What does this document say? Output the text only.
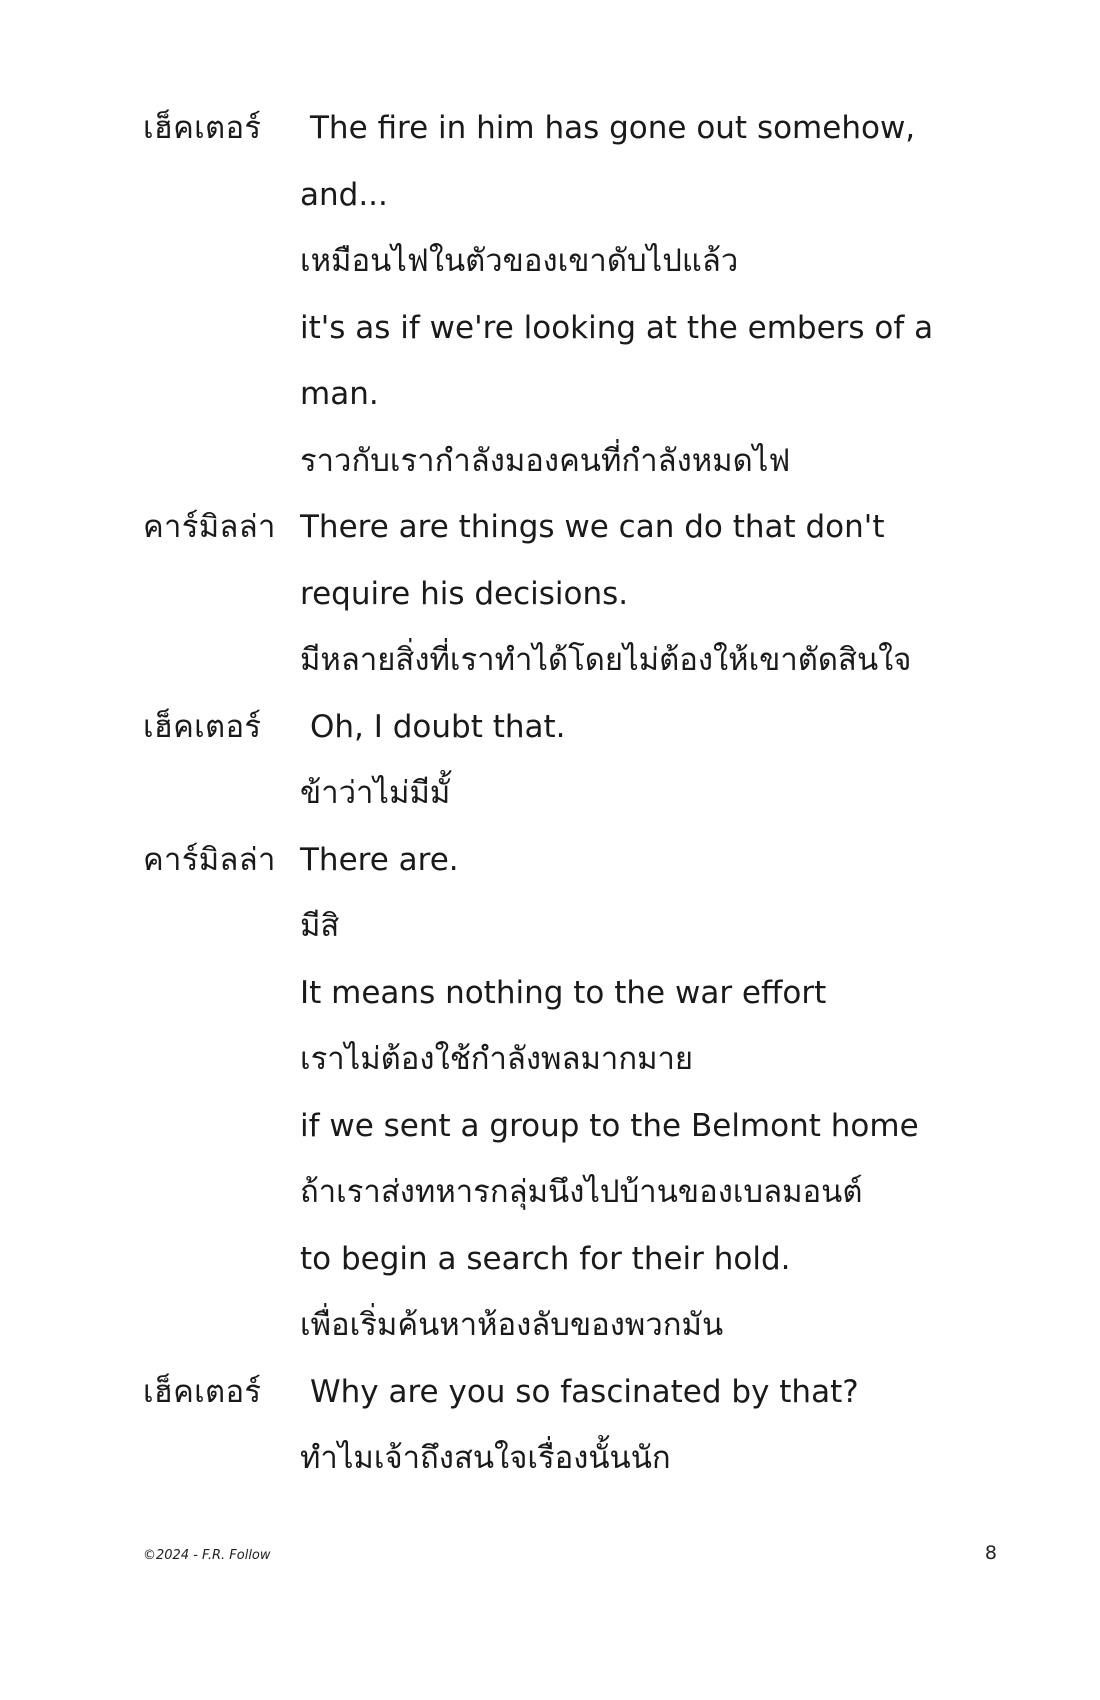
เฮ็คเตอร์	The fire in him has gone out somehow,
and...
เหมือนไฟในตัวของเขาดับไปแล้ว
it's as if we're looking at the embers of a
man.
ราวกับเรากำลังมองคนที่กำลังหมดไฟ
คาร์มิลล่า There are things we can do that don't
require his decisions.
มีหลายสิ่งที่เราทำได้โดยไม่ต้องให้เขาตัดสินใจ
เฮ็คเตอร์	Oh, I doubt that.
ข้าว่าไม่มีมั้
คาร์มิลล่า There are.
มีสิ
It means nothing to the war effort
เราไม่ต้องใช้กำลังพลมากมาย
if we sent a group to the Belmont home
ถ้าเราส่งทหารกลุ่มนึงไปบ้านของเบลมอนต์
to begin a search for their hold.
เพื่อเริ่มค้นหาห้องลับของพวกมัน
เฮ็คเตอร์	Why are you so fascinated by that?
ทำไมเจ้าถึงสนใจเรื่องนั้นนัก
©2024 - F.R. Follow	8
